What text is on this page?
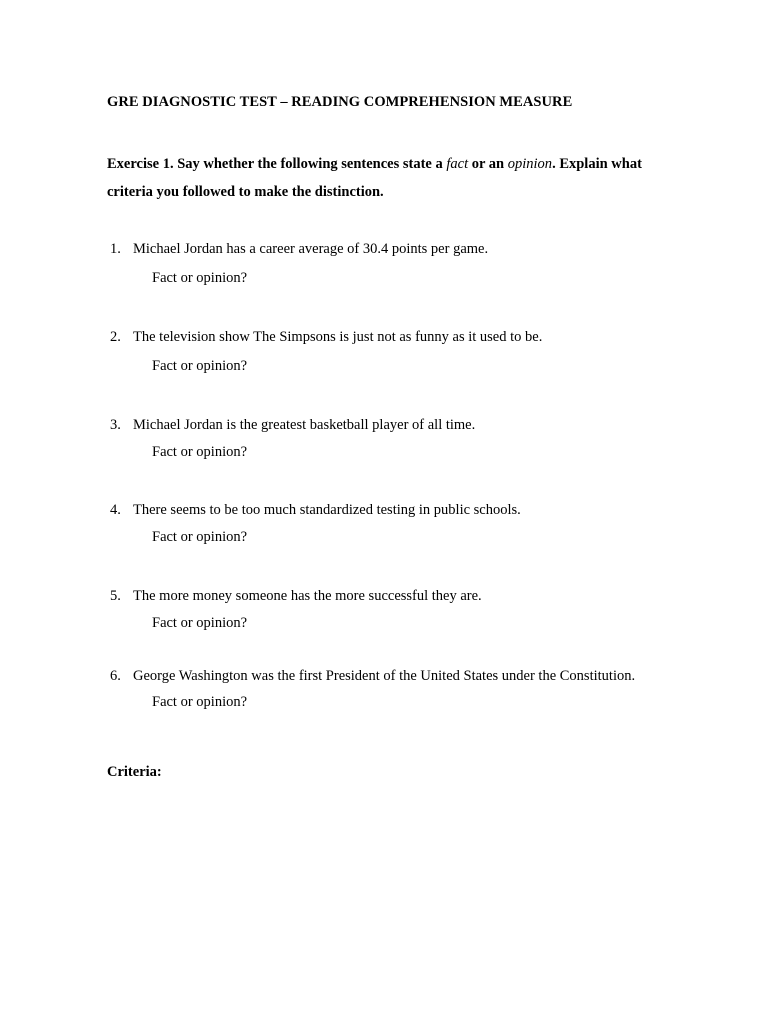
GRE DIAGNOSTIC TEST – READING COMPREHENSION MEASURE
Exercise 1. Say whether the following sentences state a fact or an opinion. Explain what criteria you followed to make the distinction.
1. Michael Jordan has a career average of 30.4 points per game.
Fact or opinion?
2. The television show The Simpsons is just not as funny as it used to be.
Fact or opinion?
3. Michael Jordan is the greatest basketball player of all time.
Fact or opinion?
4. There seems to be too much standardized testing in public schools.
Fact or opinion?
5. The more money someone has the more successful they are.
Fact or opinion?
6. George Washington was the first President of the United States under the Constitution.
Fact or opinion?
Criteria:
